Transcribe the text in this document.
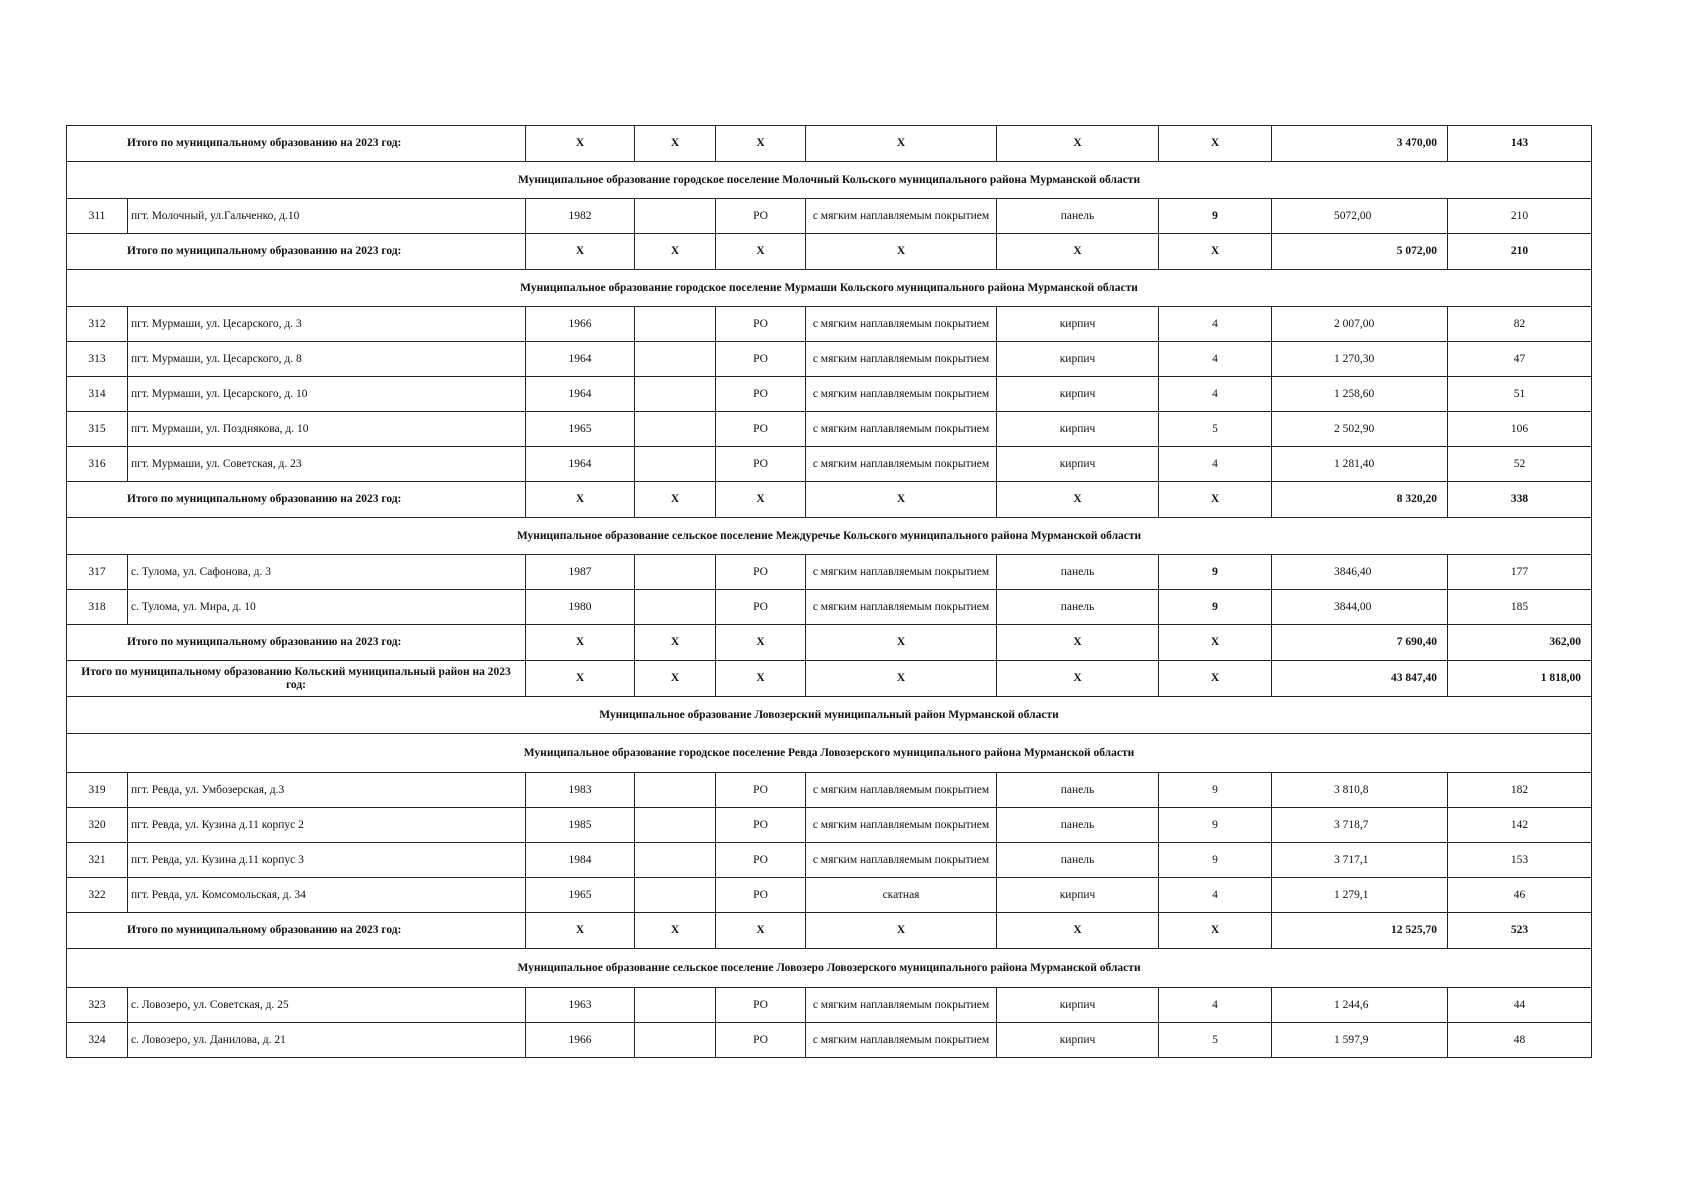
Итого по муниципальному образованию на 2023 год:		X	X	X	X	X	X	3 470,00	143
Муниципальное образование городское поселение Молочный Кольского муниципального района Мурманской области									
311	пгт. Молочный, ул.Гальченко, д.10	1982		РО	с мягким наплавляемым покрытием	панель	9	5072,00	210
Итого по муниципальному образованию на 2023 год:		X	X	X	X	X	X	5 072,00	210
Муниципальное образование городское поселение Мурмаши Кольского муниципального района Мурманской области									
312	пгт. Мурмаши, ул. Цесарского, д. 3	1966		РО	с мягким наплавляемым покрытием	кирпич	4	2 007,00	82
313	пгт. Мурмаши, ул. Цесарского, д. 8	1964		РО	с мягким наплавляемым покрытием	кирпич	4	1 270,30	47
314	пгт. Мурмаши, ул. Цесарского, д. 10	1964		РО	с мягким наплавляемым покрытием	кирпич	4	1 258,60	51
315	пгт. Мурмаши, ул. Позднякова, д. 10	1965		РО	с мягким наплавляемым покрытием	кирпич	5	2 502,90	106
316	пгт. Мурмаши, ул. Советская, д. 23	1964		РО	с мягким наплавляемым покрытием	кирпич	4	1 281,40	52
Итого по муниципальному образованию на 2023 год:		X	X	X	X	X	X	8 320,20	338
Муниципальное образование сельское поселение Междуречье Кольского муниципального района Мурманской области									
317	с. Тулома, ул. Сафонова, д. 3	1987		РО	с мягким наплавляемым покрытием	панель	9	3846,40	177
318	с. Тулома, ул. Мира, д. 10	1980		РО	с мягким наплавляемым покрытием	панель	9	3844,00	185
Итого по муниципальному образованию на 2023 год:		X	X	X	X	X	X	7 690,40	362,00
Итого по муниципальному образованию Кольский муниципальный район на 2023 год:		X	X	X	X	X	X	43 847,40	1 818,00
Муниципальное образование Ловозерский муниципальный район Мурманской области									
Муниципальное образование городское поселение Ревда Ловозерского муниципального района Мурманской области									
319	пгт. Ревда, ул. Умбозерская, д.3	1983		РО	с мягким наплавляемым покрытием	панель	9	3 810,8	182
320	пгт. Ревда, ул. Кузина д.11 корпус 2	1985		РО	с мягким наплавляемым покрытием	панель	9	3 718,7	142
321	пгт. Ревда, ул. Кузина д.11 корпус 3	1984		РО	с мягким наплавляемым покрытием	панель	9	3 717,1	153
322	пгт. Ревда, ул. Комсомольская, д. 34	1965		РО	скатная	кирпич	4	1 279,1	46
Итого по муниципальному образованию на 2023 год:		X	X	X	X	X	X	12 525,70	523
Муниципальное образование сельское поселение Ловозеро Ловозерского муниципального района Мурманской области									
323	с. Ловозеро, ул. Советская, д. 25	1963		РО	с мягким наплавляемым покрытием	кирпич	4	1 244,6	44
324	с. Ловозеро, ул. Данилова, д. 21	1966		РО	с мягким наплавляемым покрытием	кирпич	5	1 597,9	48
